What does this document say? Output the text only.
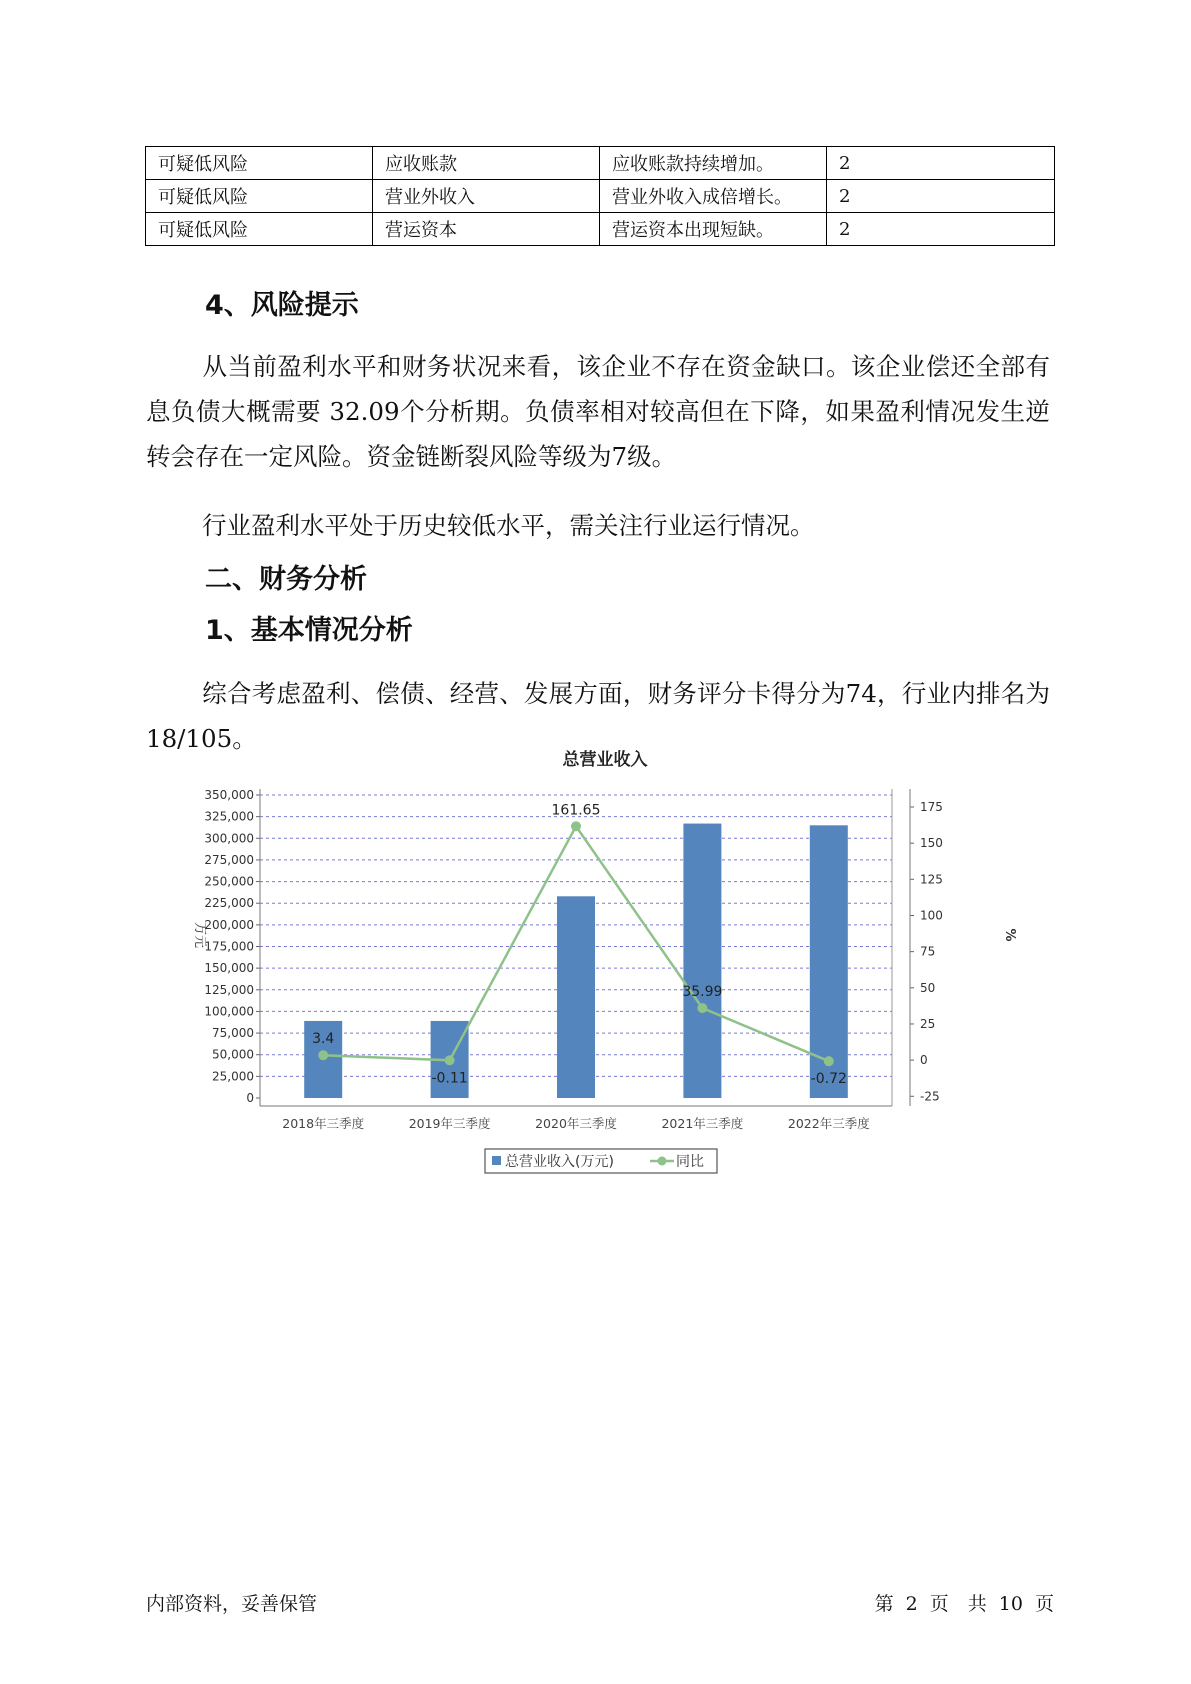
可疑低风险	应收账款	应收账款持续增加。	2
可疑低风险	营业外收入	营业外收入成倍增长。	2
可疑低风险	营运资本	营运资本出现短缺。	2
4、风险提示
从当前盈利水平和财务状况来看，该企业不存在资金缺口。该企业偿还全部有息负债大概需要 32.09个分析期。负债率相对较高但在下降，如果盈利情况发生逆转会存在一定风险。资金链断裂风险等级为7级。
行业盈利水平处于历史较低水平，需关注行业运行情况。
二、财务分析
1、基本情况分析
综合考虑盈利、偿债、经营、发展方面，财务评分卡得分为74，行业内排名为18/105。
总营业收入
0
25,000
50,000
75,000
100,000
125,000
150,000
175,000
200,000
225,000
250,000
275,000
300,000
325,000
350,000
-25
0
25
50
75
100
125
150
175
万元	%
2018年三季度	2019年三季度	2020年三季度	2021年三季度	2022年三季度
3.4
-0.11
161.65
35.99
-0.72
总营业收入(万元)	同比
内部资料，妥善保管	第 2 页　共 10 页
